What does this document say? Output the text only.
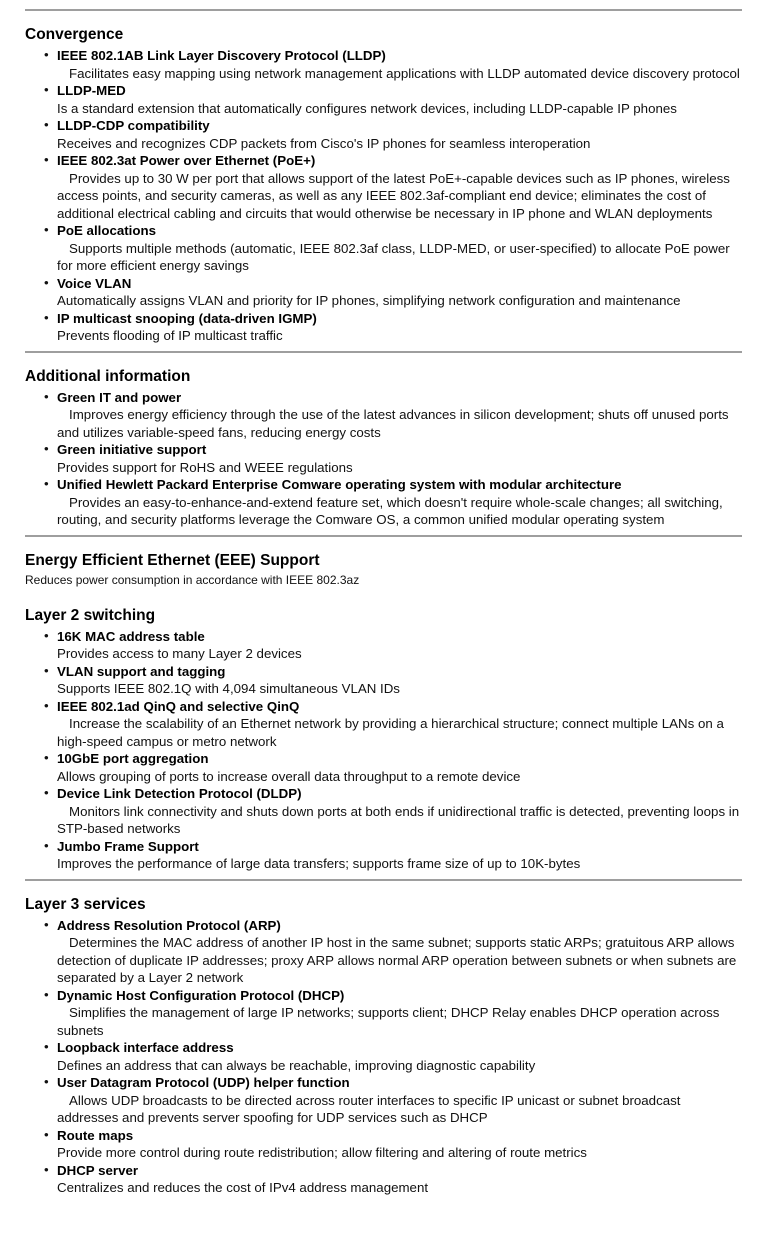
Convergence
• IEEE 802.1AB Link Layer Discovery Protocol (LLDP)
Facilitates easy mapping using network management applications with LLDP automated device discovery protocol
• LLDP-MED
Is a standard extension that automatically configures network devices, including LLDP-capable IP phones
• LLDP-CDP compatibility
Receives and recognizes CDP packets from Cisco's IP phones for seamless interoperation
• IEEE 802.3at Power over Ethernet (PoE+)
Provides up to 30 W per port that allows support of the latest PoE+-capable devices such as IP phones, wireless access points, and security cameras, as well as any IEEE 802.3af-compliant end device; eliminates the cost of additional electrical cabling and circuits that would otherwise be necessary in IP phone and WLAN deployments
• PoE allocations
Supports multiple methods (automatic, IEEE 802.3af class, LLDP-MED, or user-specified) to allocate PoE power for more efficient energy savings
• Voice VLAN
Automatically assigns VLAN and priority for IP phones, simplifying network configuration and maintenance
• IP multicast snooping (data-driven IGMP)
Prevents flooding of IP multicast traffic
Additional information
• Green IT and power
Improves energy efficiency through the use of the latest advances in silicon development; shuts off unused ports and utilizes variable-speed fans, reducing energy costs
• Green initiative support
Provides support for RoHS and WEEE regulations
• Unified Hewlett Packard Enterprise Comware operating system with modular architecture
Provides an easy-to-enhance-and-extend feature set, which doesn't require whole-scale changes; all switching, routing, and security platforms leverage the Comware OS, a common unified modular operating system
Energy Efficient Ethernet (EEE) Support
Reduces power consumption in accordance with IEEE 802.3az
Layer 2 switching
• 16K MAC address table
Provides access to many Layer 2 devices
• VLAN support and tagging
Supports IEEE 802.1Q with 4,094 simultaneous VLAN IDs
• IEEE 802.1ad QinQ and selective QinQ
Increase the scalability of an Ethernet network by providing a hierarchical structure; connect multiple LANs on a high-speed campus or metro network
• 10GbE port aggregation
Allows grouping of ports to increase overall data throughput to a remote device
• Device Link Detection Protocol (DLDP)
Monitors link connectivity and shuts down ports at both ends if unidirectional traffic is detected, preventing loops in STP-based networks
• Jumbo Frame Support
Improves the performance of large data transfers; supports frame size of up to 10K-bytes
Layer 3 services
• Address Resolution Protocol (ARP)
Determines the MAC address of another IP host in the same subnet; supports static ARPs; gratuitous ARP allows detection of duplicate IP addresses; proxy ARP allows normal ARP operation between subnets or when subnets are separated by a Layer 2 network
• Dynamic Host Configuration Protocol (DHCP)
Simplifies the management of large IP networks; supports client; DHCP Relay enables DHCP operation across subnets
• Loopback interface address
Defines an address that can always be reachable, improving diagnostic capability
• User Datagram Protocol (UDP) helper function
Allows UDP broadcasts to be directed across router interfaces to specific IP unicast or subnet broadcast addresses and prevents server spoofing for UDP services such as DHCP
• Route maps
Provide more control during route redistribution; allow filtering and altering of route metrics
• DHCP server
Centralizes and reduces the cost of IPv4 address management
